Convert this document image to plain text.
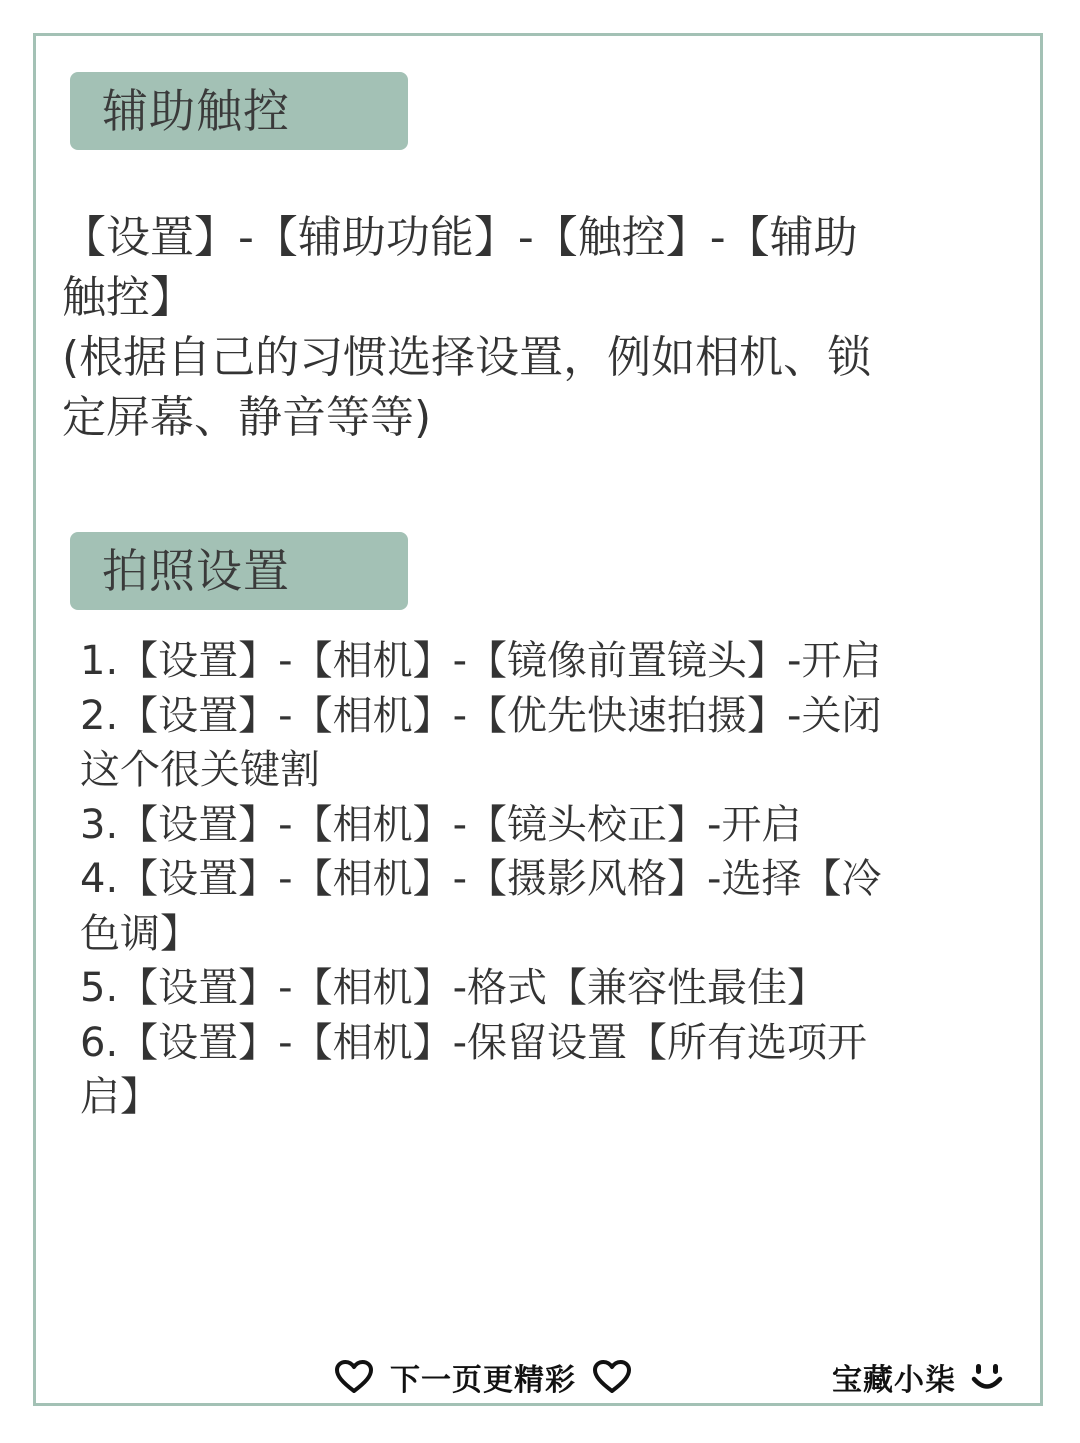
辅助触控
【设置】-【辅助功能】-【触控】-【辅助
触控】
(根据自己的习惯选择设置，例如相机、锁
定屏幕、静音等等)
拍照设置
1.【设置】-【相机】-【镜像前置镜头】-开启
2.【设置】-【相机】-【优先快速拍摄】-关闭
这个很关键割
3.【设置】-【相机】-【镜头校正】-开启
4.【设置】-【相机】-【摄影风格】-选择【冷
色调】
5.【设置】-【相机】-格式【兼容性最佳】
6.【设置】-【相机】-保留设置【所有选项开
启】
下一页更精彩	宝藏小柒
